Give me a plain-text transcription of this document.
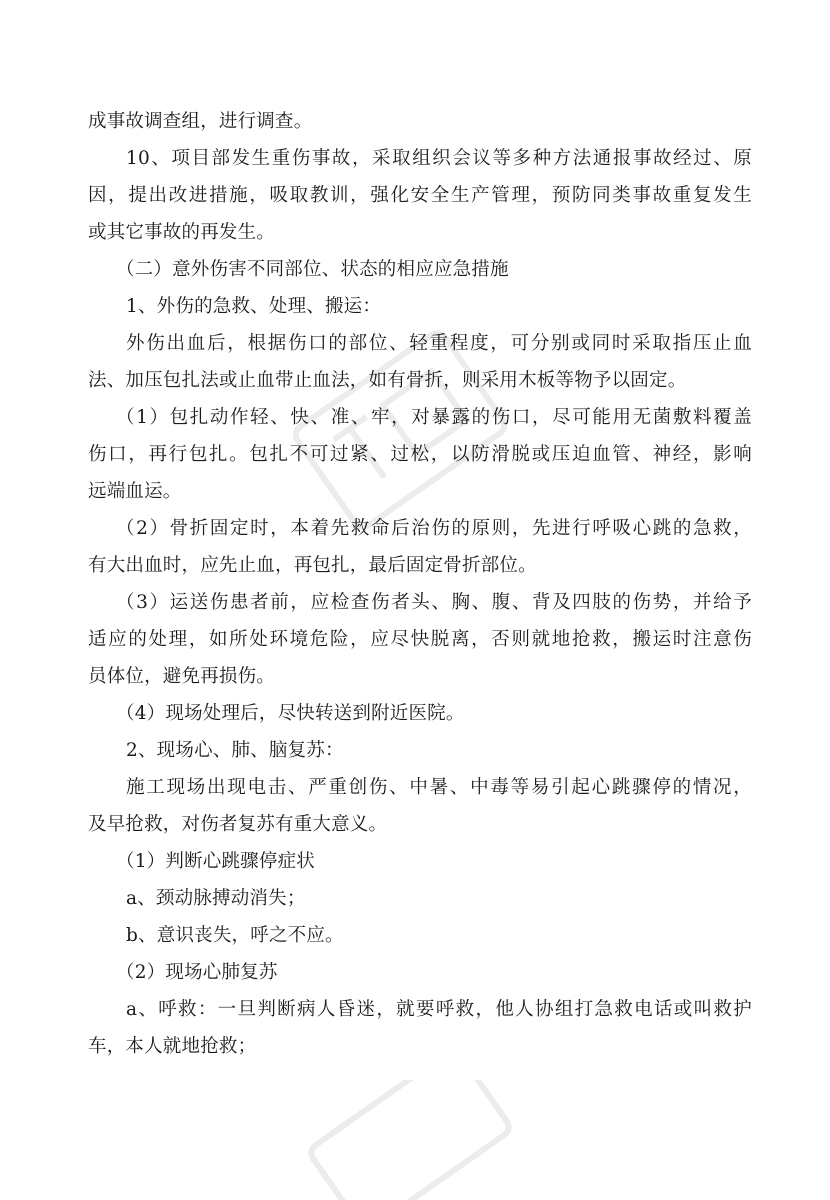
成事故调查组，进行调查。
10、项目部发生重伤事故，采取组织会议等多种方法通报事故经过、原
因，提出改进措施，吸取教训，强化安全生产管理，预防同类事故重复发生
或其它事故的再发生。
（二）意外伤害不同部位、状态的相应应急措施
1、外伤的急救、处理、搬运：
外伤出血后，根据伤口的部位、轻重程度，可分别或同时采取指压止血
法、加压包扎法或止血带止血法，如有骨折，则采用木板等物予以固定。
（1）包扎动作轻、快、准、牢，对暴露的伤口，尽可能用无菌敷料覆盖
伤口，再行包扎。包扎不可过紧、过松，以防滑脱或压迫血管、神经，影响
远端血运。
（2）骨折固定时，本着先救命后治伤的原则，先进行呼吸心跳的急救，
有大出血时，应先止血，再包扎，最后固定骨折部位。
（3）运送伤患者前，应检查伤者头、胸、腹、背及四肢的伤势，并给予
适应的处理，如所处环境危险，应尽快脱离，否则就地抢救，搬运时注意伤
员体位，避免再损伤。
（4）现场处理后，尽快转送到附近医院。
2、现场心、肺、脑复苏：
施工现场出现电击、严重创伤、中暑、中毒等易引起心跳骤停的情况，
及早抢救，对伤者复苏有重大意义。
（1）判断心跳骤停症状
a、颈动脉搏动消失；
b、意识丧失，呼之不应。
（2）现场心肺复苏
a、呼救：一旦判断病人昏迷，就要呼救，他人协组打急救电话或叫救护
车，本人就地抢救；
